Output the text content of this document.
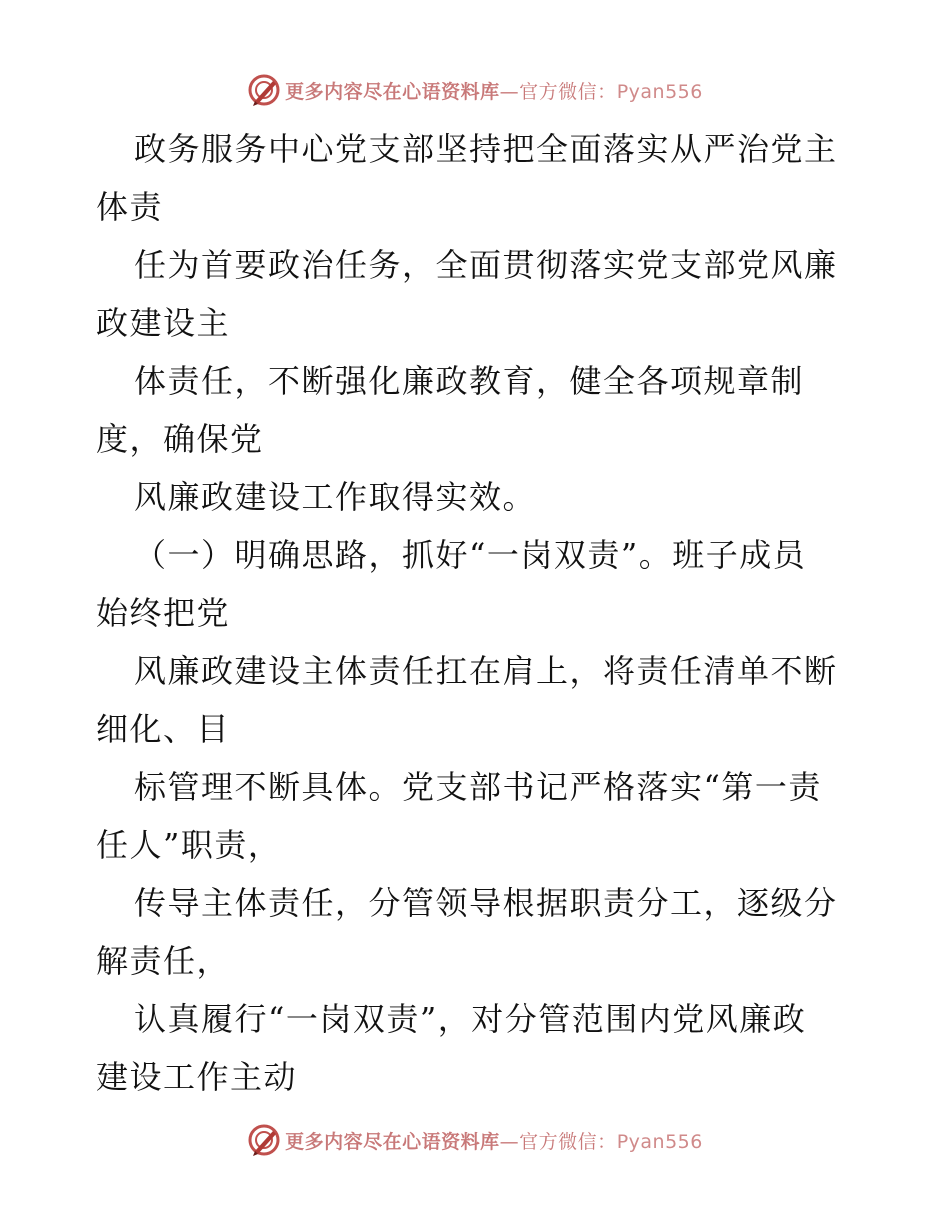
更多内容尽在心语资料库—官方微信：Pyan556
政务服务中心党支部坚持把全面落实从严治党主
体责
任为首要政治任务，全面贯彻落实党支部党风廉
政建设主
体责任，不断强化廉政教育，健全各项规章制
度，确保党
风廉政建设工作取得实效。
（一）明确思路，抓好“一岗双责”。班子成员
始终把党
风廉政建设主体责任扛在肩上，将责任清单不断
细化、目
标管理不断具体。党支部书记严格落实“第一责
任人”职责，
传导主体责任，分管领导根据职责分工，逐级分
解责任，
认真履行“一岗双责”，对分管范围内党风廉政
建设工作主动
更多内容尽在心语资料库—官方微信：Pyan556
